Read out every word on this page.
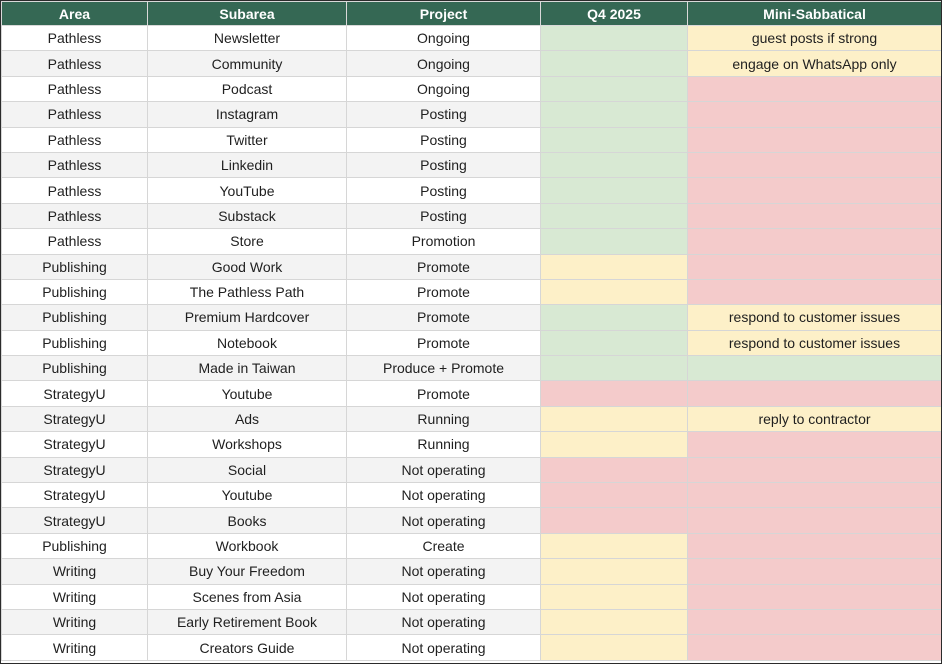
Area	Subarea	Project	Q4 2025	Mini-Sabbatical
Pathless	Newsletter	Ongoing		guest posts if strong
Pathless	Community	Ongoing		engage on WhatsApp only
Pathless	Podcast	Ongoing		
Pathless	Instagram	Posting		
Pathless	Twitter	Posting		
Pathless	Linkedin	Posting		
Pathless	YouTube	Posting		
Pathless	Substack	Posting		
Pathless	Store	Promotion		
Publishing	Good Work	Promote		
Publishing	The Pathless Path	Promote		
Publishing	Premium Hardcover	Promote		respond to customer issues
Publishing	Notebook	Promote		respond to customer issues
Publishing	Made in Taiwan	Produce + Promote		
StrategyU	Youtube	Promote		
StrategyU	Ads	Running		reply to contractor
StrategyU	Workshops	Running		
StrategyU	Social	Not operating		
StrategyU	Youtube	Not operating		
StrategyU	Books	Not operating		
Publishing	Workbook	Create		
Writing	Buy Your Freedom	Not operating		
Writing	Scenes from Asia	Not operating		
Writing	Early Retirement Book	Not operating		
Writing	Creators Guide	Not operating		
